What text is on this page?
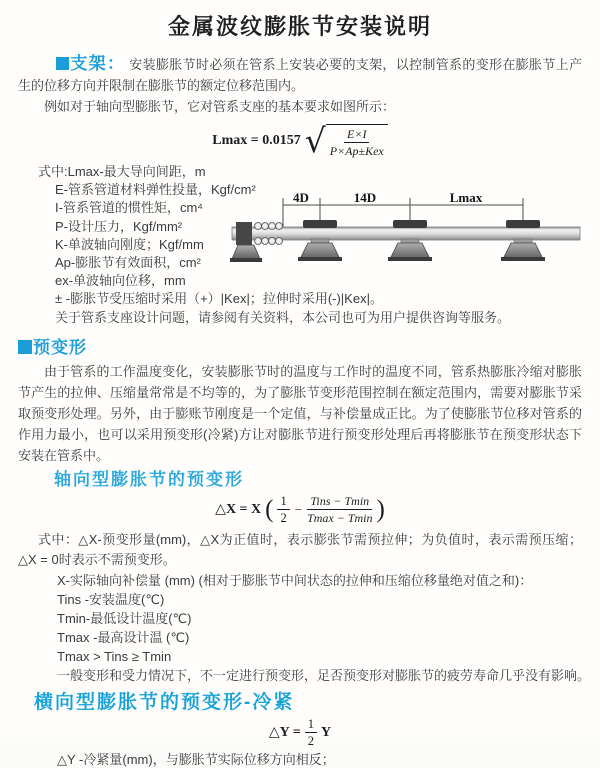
金属波纹膨胀节安装说明

支架： 安装膨胀节时必须在管系上安装必要的支架，以控制管系的变形在膨胀节上产生的位移方向并限制在膨胀节的额定位移范围内。

例如对于轴向型膨胀节，它对管系支座的基本要求如图所示：

Lmax = 0.0157 √ $\frac{E\times I}{\text{P×Ap±Kex}}$
式中:Lmax-最大导向间距，m
E-管系管道材料弹性投量，Kgf/cm²
I-管系管道的惯性矩，cm⁴
P-设计压力，Kgf/mm²
K-单波轴向刚度；Kgf/mm
Ap-膨胀节有效面积，cm²
ex-单波轴向位移，mm
± -膨胀节受压缩时采用（+）|Kex|；拉伸时采用(-)|Kex|。
关于管系支座设计问题，请参阅有关资料，本公司也可为用户提供咨询等服务。
4D	14D	Lmax
预变形

由于管系的工作温度变化，安装膨胀节时的温度与工作时的温度不同，管系热膨胀冷缩对膨胀节产生的拉伸、压缩量常常是不均等的，为了膨胀节变形范围控制在额定范围内，需要对膨胀节采取预变形处理。另外，由于膨账节刚度是一个定值，与补偿量成正比。为了使膨胀节位移对管系的作用力最小，也可以采用预变形(冷紧)方让对膨胀节进行预变形处理后再将膨胀节在预变形状态下安装在管系中。

轴向型膨胀节的预变形
△X = X ( $\frac{1}{2} - \frac{\text{Tins − Tmin}}{Tmax - Tmin}$ )

式中：△X-预变形量(mm)，△X为正值时，表示膨张节需预拉伸；为负值时，表示需预压缩；△X = 0时表示不需预变形。

X-实际轴向补偿量 (mm) (相对于膨胀节中间状态的拉伸和压缩位移量绝对值之和)：
Tins -安装温度(℃)
Tmin-最低设计温度(℃)
Tmax -最高设计温 (℃)
Tmax > Tins ≥ Tmin
一般变形和受力情况下，不一定进行预变形，足否预变形对膨胀节的疲劳寿命几乎没有影响。
横向型膨胀节的预变形-冷紧
△Y = $\frac{1}{2}$ Y
△Y -冷紧量(mm)，与膨胀节实际位移方向相反；
